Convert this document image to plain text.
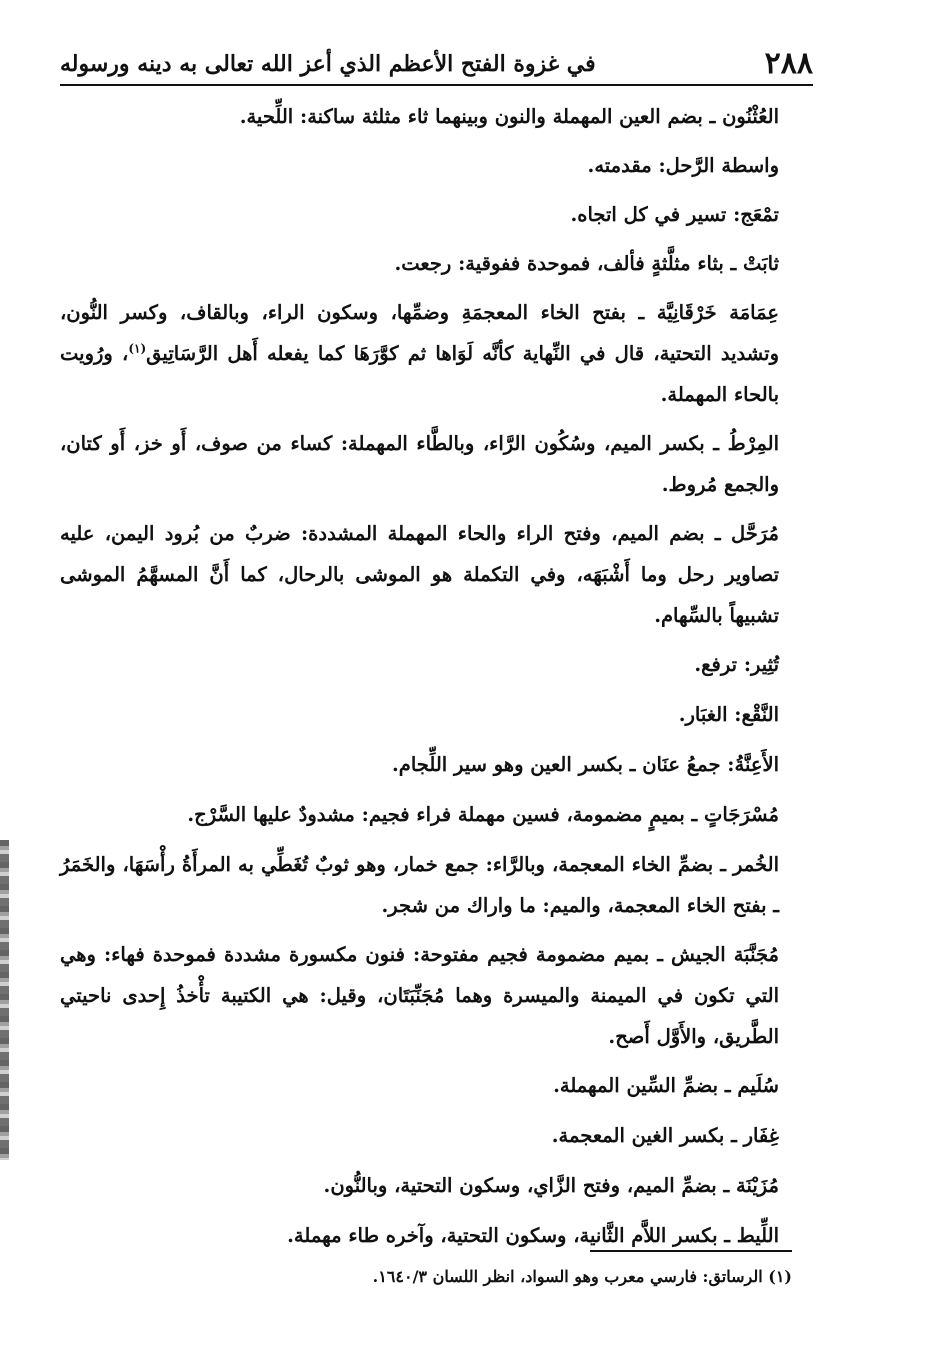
٢٨٨
في غزوة الفتح الأعظم الذي أعز الله تعالى به دينه ورسوله

العُثْنُون ـ بضم العين المهملة والنون وبينهما ثاء مثلثة ساكنة: اللِّحية.

واسطة الرَّحل: مقدمته.

تمْعَج: تسير في كل اتجاه.

ثابَتْ ـ بثاء مثلَّثةٍ فألف، فموحدة ففوقية: رجعت.

عِمَامَة خَرْقَانِيَّة ـ بفتح الخاء المعجمَةِ وضمِّها، وسكون الراء، وبالقاف، وكسر النُّون، وتشديد التحتية، قال في النِّهاية كأنَّه لَوَاها ثم كوَّرَهَا كما يفعله أَهل الرَّسَاتِيق$^{(١)}$، ورُويت بالحاء المهملة.

المِرْطُ ـ بكسر الميم، وسُكُون الرَّاء، وبالطَّاء المهملة: كساء من صوف، أَو خز، أَو كتان، والجمع مُروط.

مُرَحَّل ـ بضم الميم، وفتح الراء والحاء المهملة المشددة: ضربٌ من بُرود اليمن، عليه تصاوير رحل وما أَشْبَهَه، وفي التكملة هو الموشى بالرحال، كما أَنَّ المسهَّمُ الموشى تشبيهاً بالسِّهام.

تُثِير: ترفع.

النَّقْع: الغبَار.

الأَعِنَّةُ: جمعُ عنَان ـ بكسر العين وهو سير اللِّجام.

مُسْرَجَاتٍ ـ بميمٍ مضمومة، فسين مهملة فراء فجيم: مشدودٌ عليها السَّرْج.

الخُمر ـ بضمِّ الخاء المعجمة، وبالرَّاء: جمع خمار، وهو ثوبٌ تُغَطِّي به المرأَةُ رأْسَهَا، والخَمَرُ ـ بفتح الخاء المعجمة، والميم: ما واراك من شجر.

مُجَنَّبَة الجيش ـ بميم مضمومة فجيم مفتوحة: فنون مكسورة مشددة فموحدة فهاء: وهي التي تكون في الميمنة والميسرة وهما مُجَنِّبَتَان، وقيل: هي الكتيبة تأْخذُ إِحدى ناحيتي الطَّريق، والأَوَّل أَصح.

سُلَيم ـ بضمِّ السِّين المهملة.

غِفَار ـ بكسر الغين المعجمة.

مُزَيْنَة ـ بضمِّ الميم، وفتح الزَّاي، وسكون التحتية، وبالنُّون.

اللِّيط ـ بكسر اللاَّم الثَّانية، وسكون التحتية، وآخره طاء مهملة.

(١) الرساتق: فارسي معرب وهو السواد، انظر اللسان ١٦٤٠/٣.
